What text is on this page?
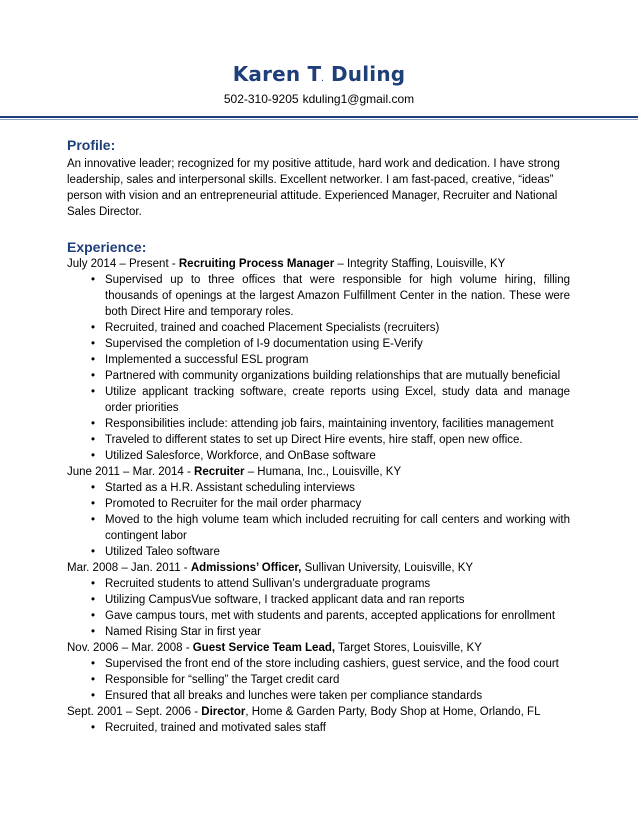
Karen T. Duling
502-310-9205 kduling1@gmail.com
Profile:

An innovative leader; recognized for my positive attitude, hard work and dedication. I have strong leadership, sales and interpersonal skills. Excellent networker. I am fast-paced, creative, “ideas” person with vision and an entrepreneurial attitude. Experienced Manager, Recruiter and National Sales Director.

Experience:
July 2014 – Present - Recruiting Process Manager – Integrity Staffing, Louisville, KY
• Supervised up to three offices that were responsible for high volume hiring, filling thousands of openings at the largest Amazon Fulfillment Center in the nation. These were both Direct Hire and temporary roles.
• Recruited, trained and coached Placement Specialists (recruiters)
• Supervised the completion of I-9 documentation using E-Verify
• Implemented a successful ESL program
• Partnered with community organizations building relationships that are mutually beneficial
• Utilize applicant tracking software, create reports using Excel, study data and manage order priorities
• Responsibilities include: attending job fairs, maintaining inventory, facilities management
• Traveled to different states to set up Direct Hire events, hire staff, open new office.
• Utilized Salesforce, Workforce, and OnBase software
June 2011 – Mar. 2014 - Recruiter – Humana, Inc., Louisville, KY
• Started as a H.R. Assistant scheduling interviews
• Promoted to Recruiter for the mail order pharmacy
• Moved to the high volume team which included recruiting for call centers and working with contingent labor
• Utilized Taleo software
Mar. 2008 – Jan. 2011 - Admissions’ Officer, Sullivan University, Louisville, KY
• Recruited students to attend Sullivan’s undergraduate programs
• Utilizing CampusVue software, I tracked applicant data and ran reports
• Gave campus tours, met with students and parents, accepted applications for enrollment
• Named Rising Star in first year
Nov. 2006 – Mar. 2008 - Guest Service Team Lead, Target Stores, Louisville, KY
• Supervised the front end of the store including cashiers, guest service, and the food court
• Responsible for “selling” the Target credit card
• Ensured that all breaks and lunches were taken per compliance standards
Sept. 2001 – Sept. 2006 - Director, Home & Garden Party, Body Shop at Home, Orlando, FL
• Recruited, trained and motivated sales staff
